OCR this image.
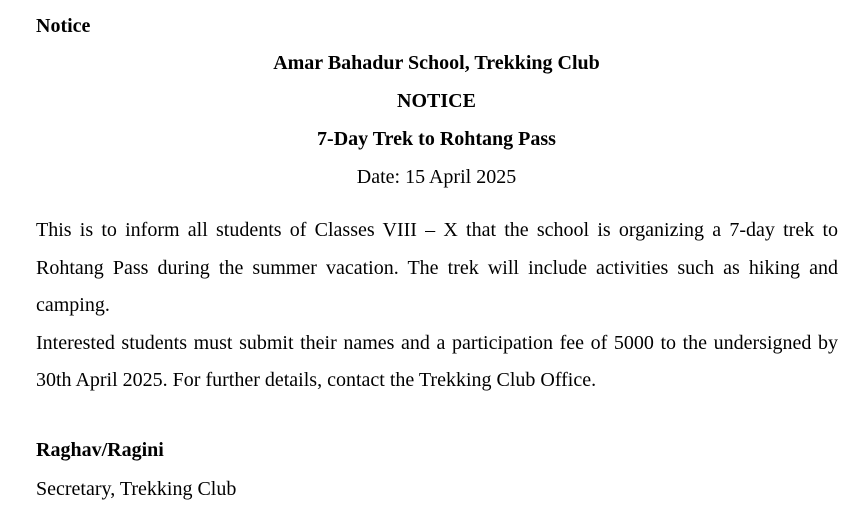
Notice
Amar Bahadur School, Trekking Club
NOTICE
7-Day Trek to Rohtang Pass
Date: 15 April 2025

This is to inform all students of Classes VIII – X that the school is organizing a 7-day trek to Rohtang Pass during the summer vacation. The trek will include activities such as hiking and camping.

Interested students must submit their names and a participation fee of 5000 to the undersigned by 30th April 2025. For further details, contact the Trekking Club Office.

Raghav/Ragini
Secretary, Trekking Club
